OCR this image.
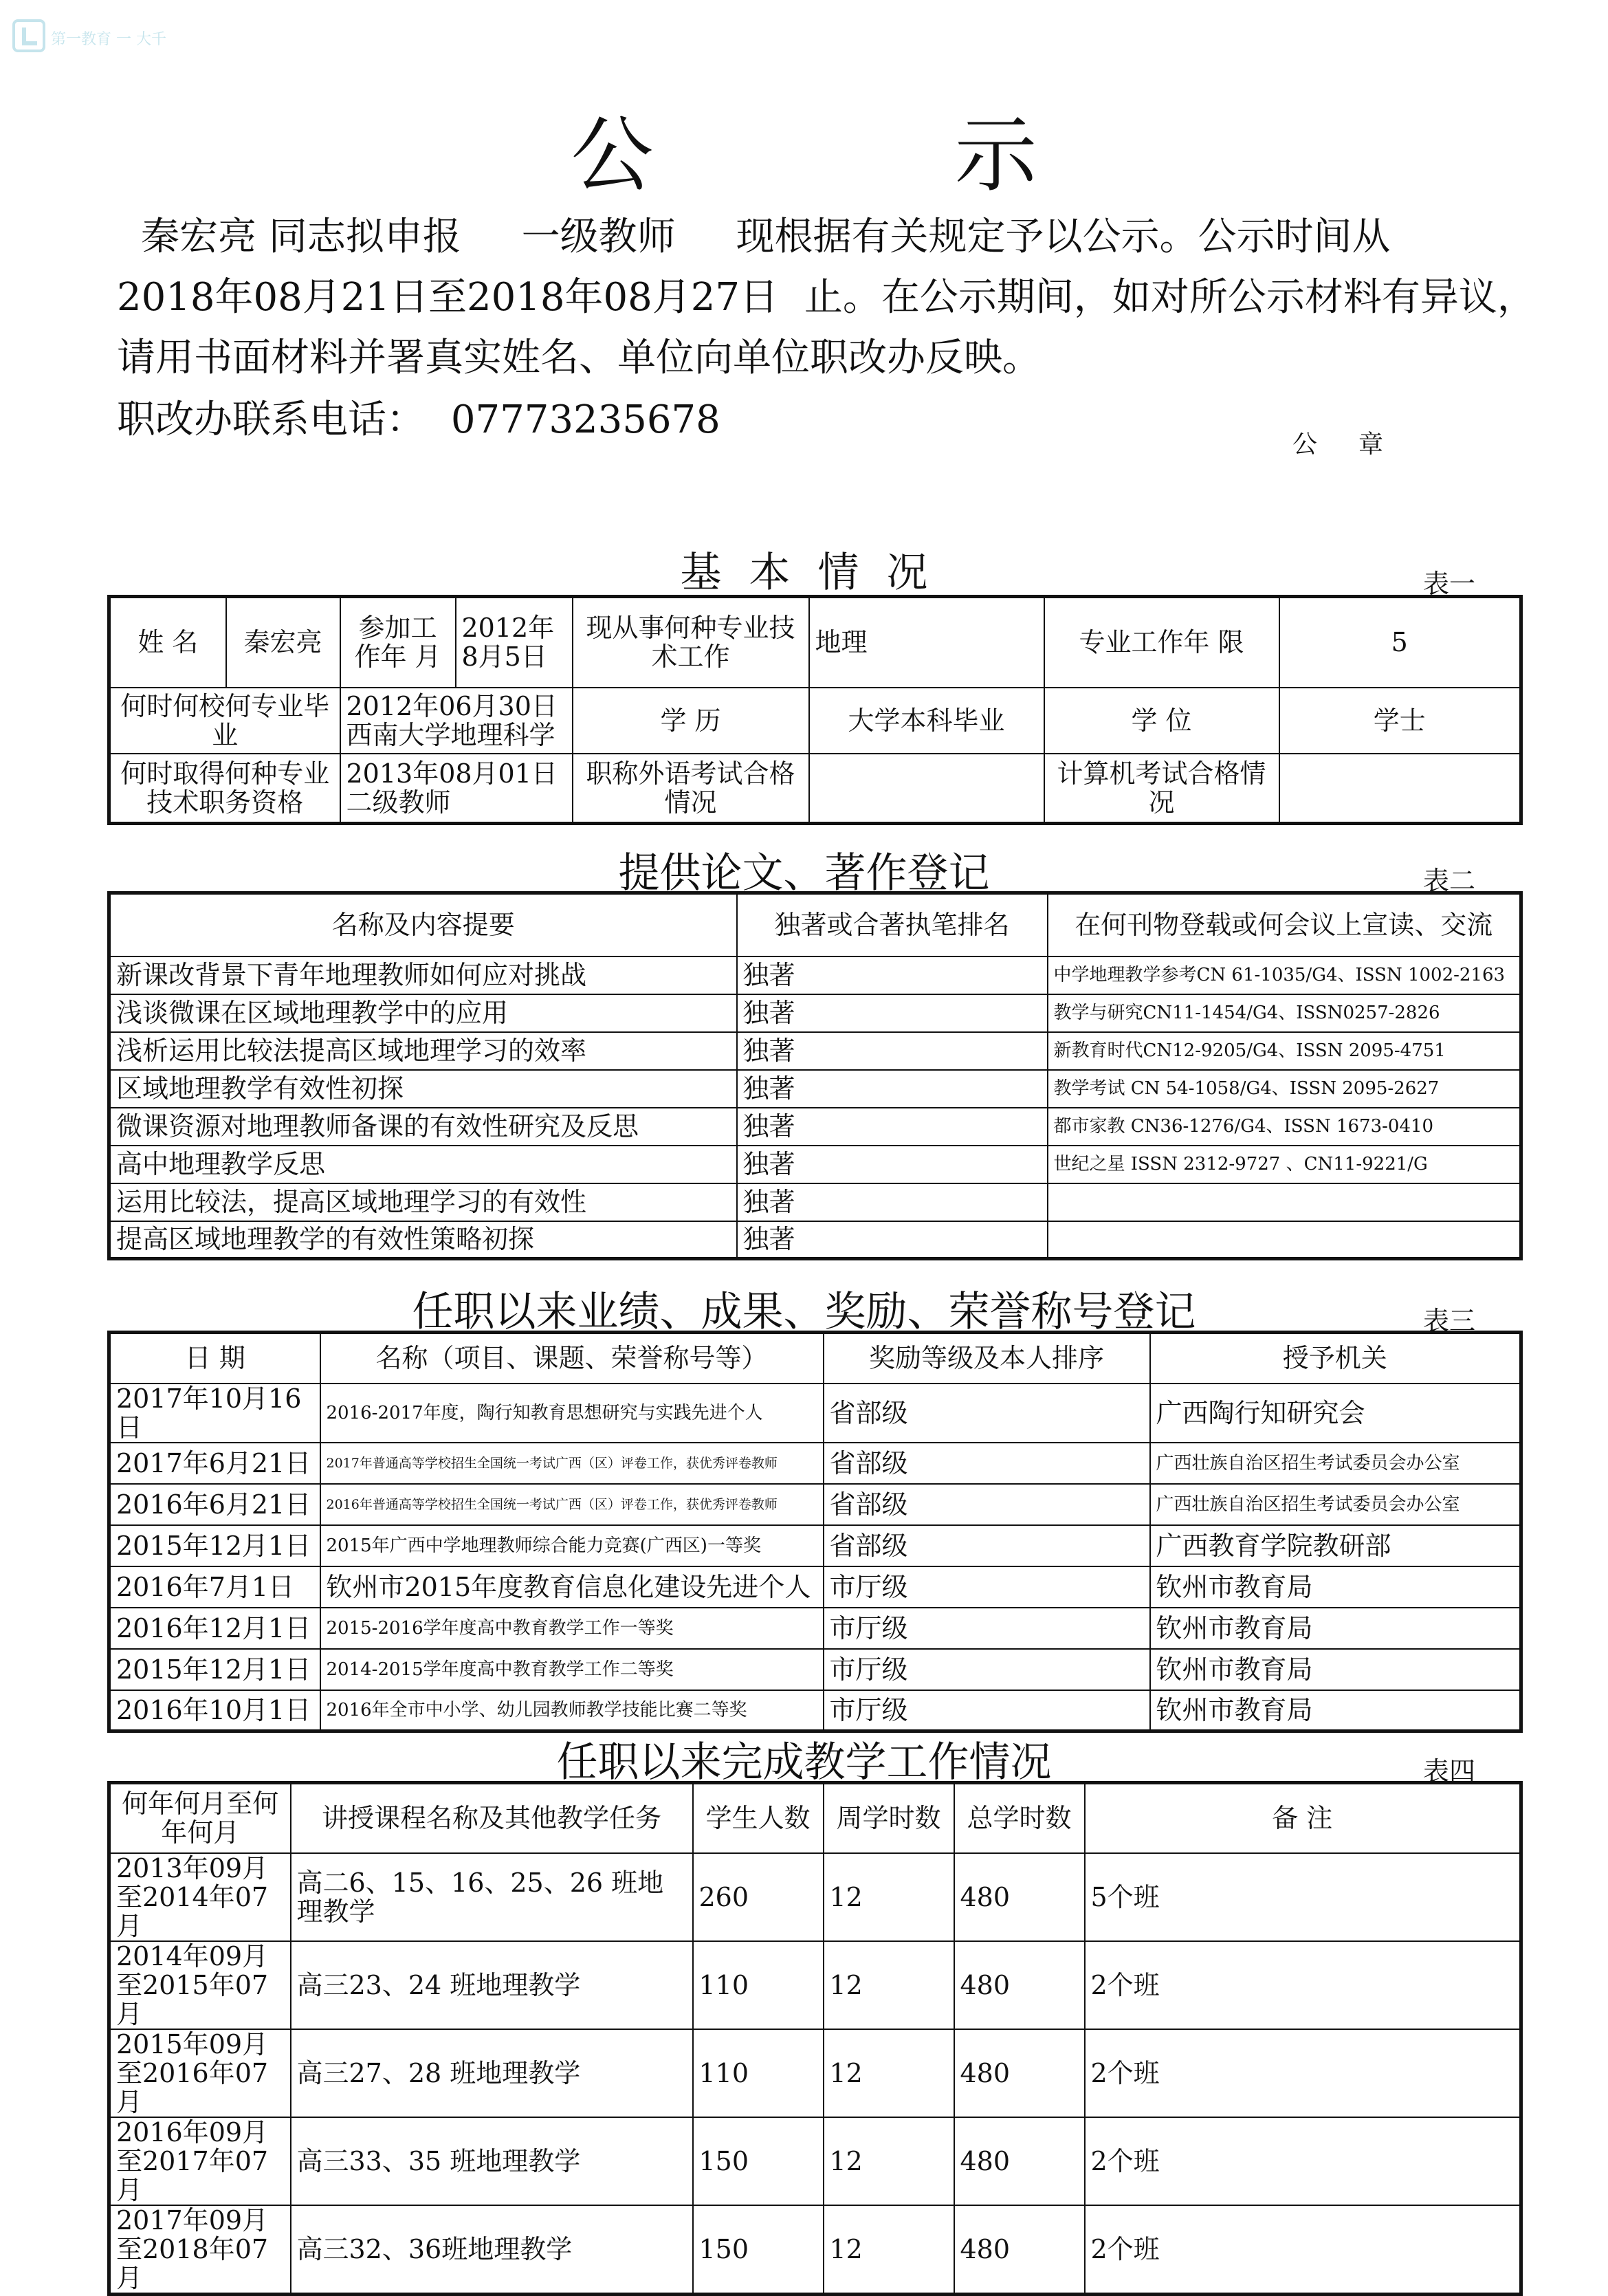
第一教育 一 大千
公 示
秦宏亮 同志拟申报 一级教师 现根据有关规定予以公示。公示时间从
2018年08月21日至2018年08月27日 止。在公示期间，如对所公示材料有异议，
请用书面材料并署真实姓名、单位向单位职改办反映。
职改办联系电话： 07773235678
公章
基本情况	表一
姓 名	秦宏亮	参加工作年 月	2012年8月5日	现从事何种专业技术工作	地理	专业工作年 限	5
何时何校何专业毕业		2012年06月30日西南大学地理科学		学 历	大学本科毕业	学 位	学士
何时取得何种专业技术职务资格		2013年08月01日二级教师		职称外语考试合格情况		计算机考试合格情况	
提供论文、著作登记	表二
名称及内容提要	独著或合著执笔排名	在何刊物登载或何会议上宣读、交流
新课改背景下青年地理教师如何应对挑战	独著	中学地理教学参考CN 61-1035/G4、ISSN 1002-2163
浅谈微课在区域地理教学中的应用	独著	教学与研究CN11-1454/G4、ISSN0257-2826
浅析运用比较法提高区域地理学习的效率	独著	新教育时代CN12-9205/G4、ISSN 2095-4751
区域地理教学有效性初探	独著	教学考试 CN 54-1058/G4、ISSN 2095-2627
微课资源对地理教师备课的有效性研究及反思	独著	都市家教 CN36-1276/G4、ISSN 1673-0410
高中地理教学反思	独著	世纪之星 ISSN 2312-9727 、CN11-9221/G
运用比较法，提高区域地理学习的有效性	独著	
提高区域地理教学的有效性策略初探	独著	
任职以来业绩、成果、奖励、荣誉称号登记	表三
日 期	名称（项目、课题、荣誉称号等）	奖励等级及本人排序	授予机关
2017年10月16日	2016-2017年度，陶行知教育思想研究与实践先进个人	省部级	广西陶行知研究会
2017年6月21日	2017年普通高等学校招生全国统一考试广西（区）评卷工作，获优秀评卷教师	省部级	广西壮族自治区招生考试委员会办公室
2016年6月21日	2016年普通高等学校招生全国统一考试广西（区）评卷工作，获优秀评卷教师	省部级	广西壮族自治区招生考试委员会办公室
2015年12月1日	2015年广西中学地理教师综合能力竞赛(广西区)一等奖	省部级	广西教育学院教研部
2016年7月1日	钦州市2015年度教育信息化建设先进个人	市厅级	钦州市教育局
2016年12月1日	2015-2016学年度高中教育教学工作一等奖	市厅级	钦州市教育局
2015年12月1日	2014-2015学年度高中教育教学工作二等奖	市厅级	钦州市教育局
2016年10月1日	2016年全市中小学、幼儿园教师教学技能比赛二等奖	市厅级	钦州市教育局
任职以来完成教学工作情况	表四
何年何月至何年何月	讲授课程名称及其他教学任务	学生人数	周学时数	总学时数	备 注
2013年09月至2014年07月	高二6、15、16、25、26 班地理教学	260	12	480	5个班
2014年09月至2015年07月	高三23、24 班地理教学	110	12	480	2个班
2015年09月至2016年07月	高三27、28 班地理教学	110	12	480	2个班
2016年09月至2017年07月	高三33、35 班地理教学	150	12	480	2个班
2017年09月至2018年07月	高三32、36班地理教学	150	12	480	2个班
